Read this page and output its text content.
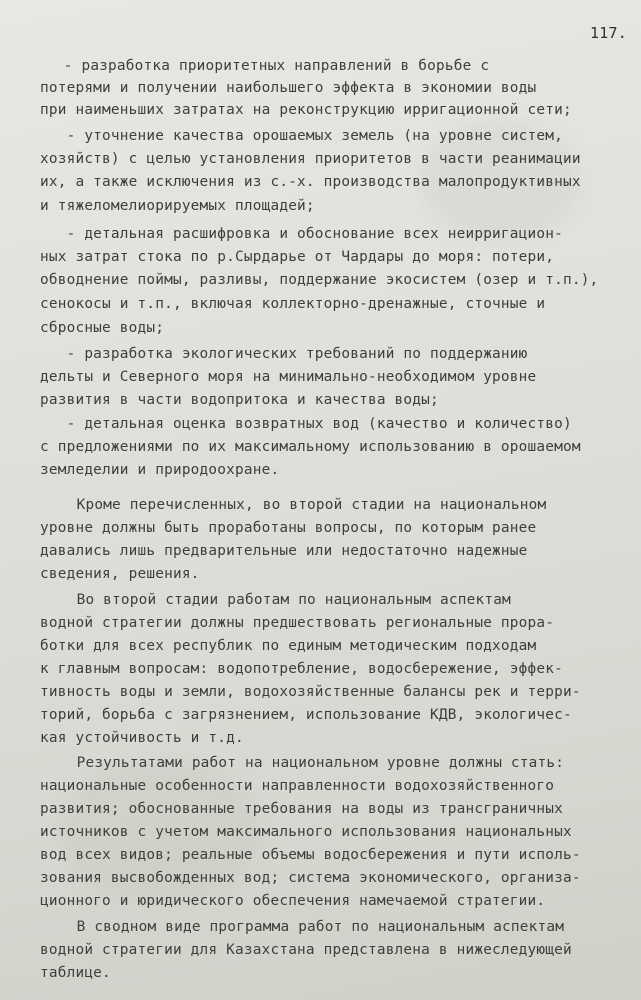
117.
- разработка приоритетных направлений в борьбе с
потерями и получении наибольшего эффекта в экономии воды
при наименьших затратах на реконструкцию ирригационной сети;
- уточнение качества орошаемых земель (на уровне систем,
хозяйств) с целью установления приоритетов в части реанимации
их, а также исключения из с.-х. производства малопродуктивных
и тяжеломелиорируемых площадей;
- детальная расшифровка и обоснование всех неирригацион-
ных затрат стока по р.Сырдарье от Чардары до моря: потери,
обводнение поймы, разливы, поддержание экосистем (озер и т.п.),
сенокосы и т.п., включая коллекторно-дренажные, сточные и
сбросные воды;
- разработка экологических требований по поддержанию
дельты и Северного моря на минимально-необходимом уровне
развития в части водопритока и качества воды;
- детальная оценка возвратных вод (качество и количество)
с предложениями по их максимальному использованию в орошаемом
земледелии и природоохране.
Кроме перечисленных, во второй стадии на национальном
уровне должны быть проработаны вопросы, по которым ранее
давались лишь предварительные или недостаточно надежные
сведения, решения.
Во второй стадии работам по национальным аспектам
водной стратегии должны предшествовать региональные прора-
ботки для всех республик по единым методическим подходам
к главным вопросам: водопотребление, водосбережение, эффек-
тивность воды и земли, водохозяйственные балансы рек и терри-
торий, борьба с загрязнением, использование КДВ, экологичес-
кая устойчивость и т.д.
Результатами работ на национальном уровне должны стать:
национальные особенности направленности водохозяйственного
развития; обоснованные требования на воды из трансграничных
источников с учетом максимального использования национальных
вод всех видов; реальные объемы водосбережения и пути исполь-
зования высвобожденных вод; система экономического, организа-
ционного и юридического обеспечения намечаемой стратегии.
В сводном виде программа работ по национальным аспектам
водной стратегии для Казахстана представлена в нижеследующей
таблице.
